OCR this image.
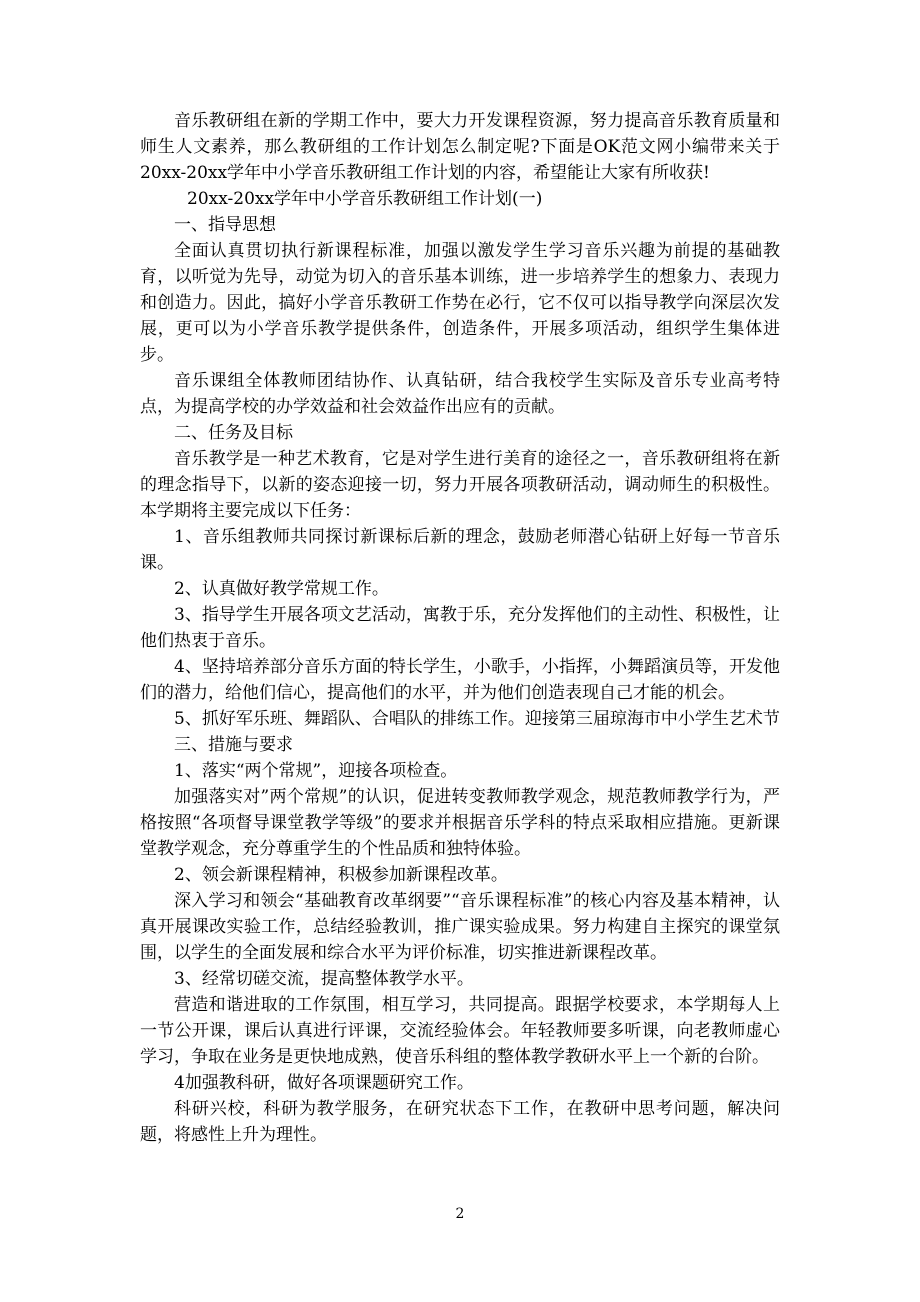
音乐教研组在新的学期工作中，要大力开发课程资源，努力提高音乐教育质量和师生人文素养，那么教研组的工作计划怎么制定呢?下面是OK范文网小编带来关于20xx-20xx学年中小学音乐教研组工作计划的内容，希望能让大家有所收获!

20xx-20xx学年中小学音乐教研组工作计划(一)

一、指导思想

全面认真贯切执行新课程标准，加强以激发学生学习音乐兴趣为前提的基础教育，以听觉为先导，动觉为切入的音乐基本训练，进一步培养学生的想象力、表现力和创造力。因此，搞好小学音乐教研工作势在必行，它不仅可以指导教学向深层次发展，更可以为小学音乐教学提供条件，创造条件，开展多项活动，组织学生集体进步。

音乐课组全体教师团结协作、认真钻研，结合我校学生实际及音乐专业高考特点，为提高学校的办学效益和社会效益作出应有的贡献。

二、任务及目标

音乐教学是一种艺术教育，它是对学生进行美育的途径之一，音乐教研组将在新的理念指导下，以新的姿态迎接一切，努力开展各项教研活动，调动师生的积极性。本学期将主要完成以下任务：

1、音乐组教师共同探讨新课标后新的理念，鼓励老师潜心钻研上好每一节音乐课。

2、认真做好教学常规工作。

3、指导学生开展各项文艺活动，寓教于乐，充分发挥他们的主动性、积极性，让他们热衷于音乐。

4、坚持培养部分音乐方面的特长学生，小歌手，小指挥，小舞蹈演员等，开发他们的潜力，给他们信心，提高他们的水平，并为他们创造表现自己才能的机会。

5、抓好军乐班、舞蹈队、合唱队的排练工作。迎接第三届琼海市中小学生艺术节

三、措施与要求

1、落实“两个常规”，迎接各项检查。

加强落实对”两个常规”的认识，促进转变教师教学观念，规范教师教学行为，严格按照“各项督导课堂教学等级”的要求并根据音乐学科的特点采取相应措施。更新课堂教学观念，充分尊重学生的个性品质和独特体验。

2、领会新课程精神，积极参加新课程改革。

深入学习和领会“基础教育改革纲要”“音乐课程标准”的核心内容及基本精神，认真开展课改实验工作，总结经验教训，推广课实验成果。努力构建自主探究的课堂氛围，以学生的全面发展和综合水平为评价标准，切实推进新课程改革。

3、经常切磋交流，提高整体教学水平。

营造和谐进取的工作氛围，相互学习，共同提高。跟据学校要求，本学期每人上一节公开课，课后认真进行评课，交流经验体会。年轻教师要多听课，向老教师虚心学习，争取在业务是更快地成熟，使音乐科组的整体教学教研水平上一个新的台阶。

4加强教科研，做好各项课题研究工作。

科研兴校，科研为教学服务，在研究状态下工作，在教研中思考问题，解决问题，将感性上升为理性。

2
